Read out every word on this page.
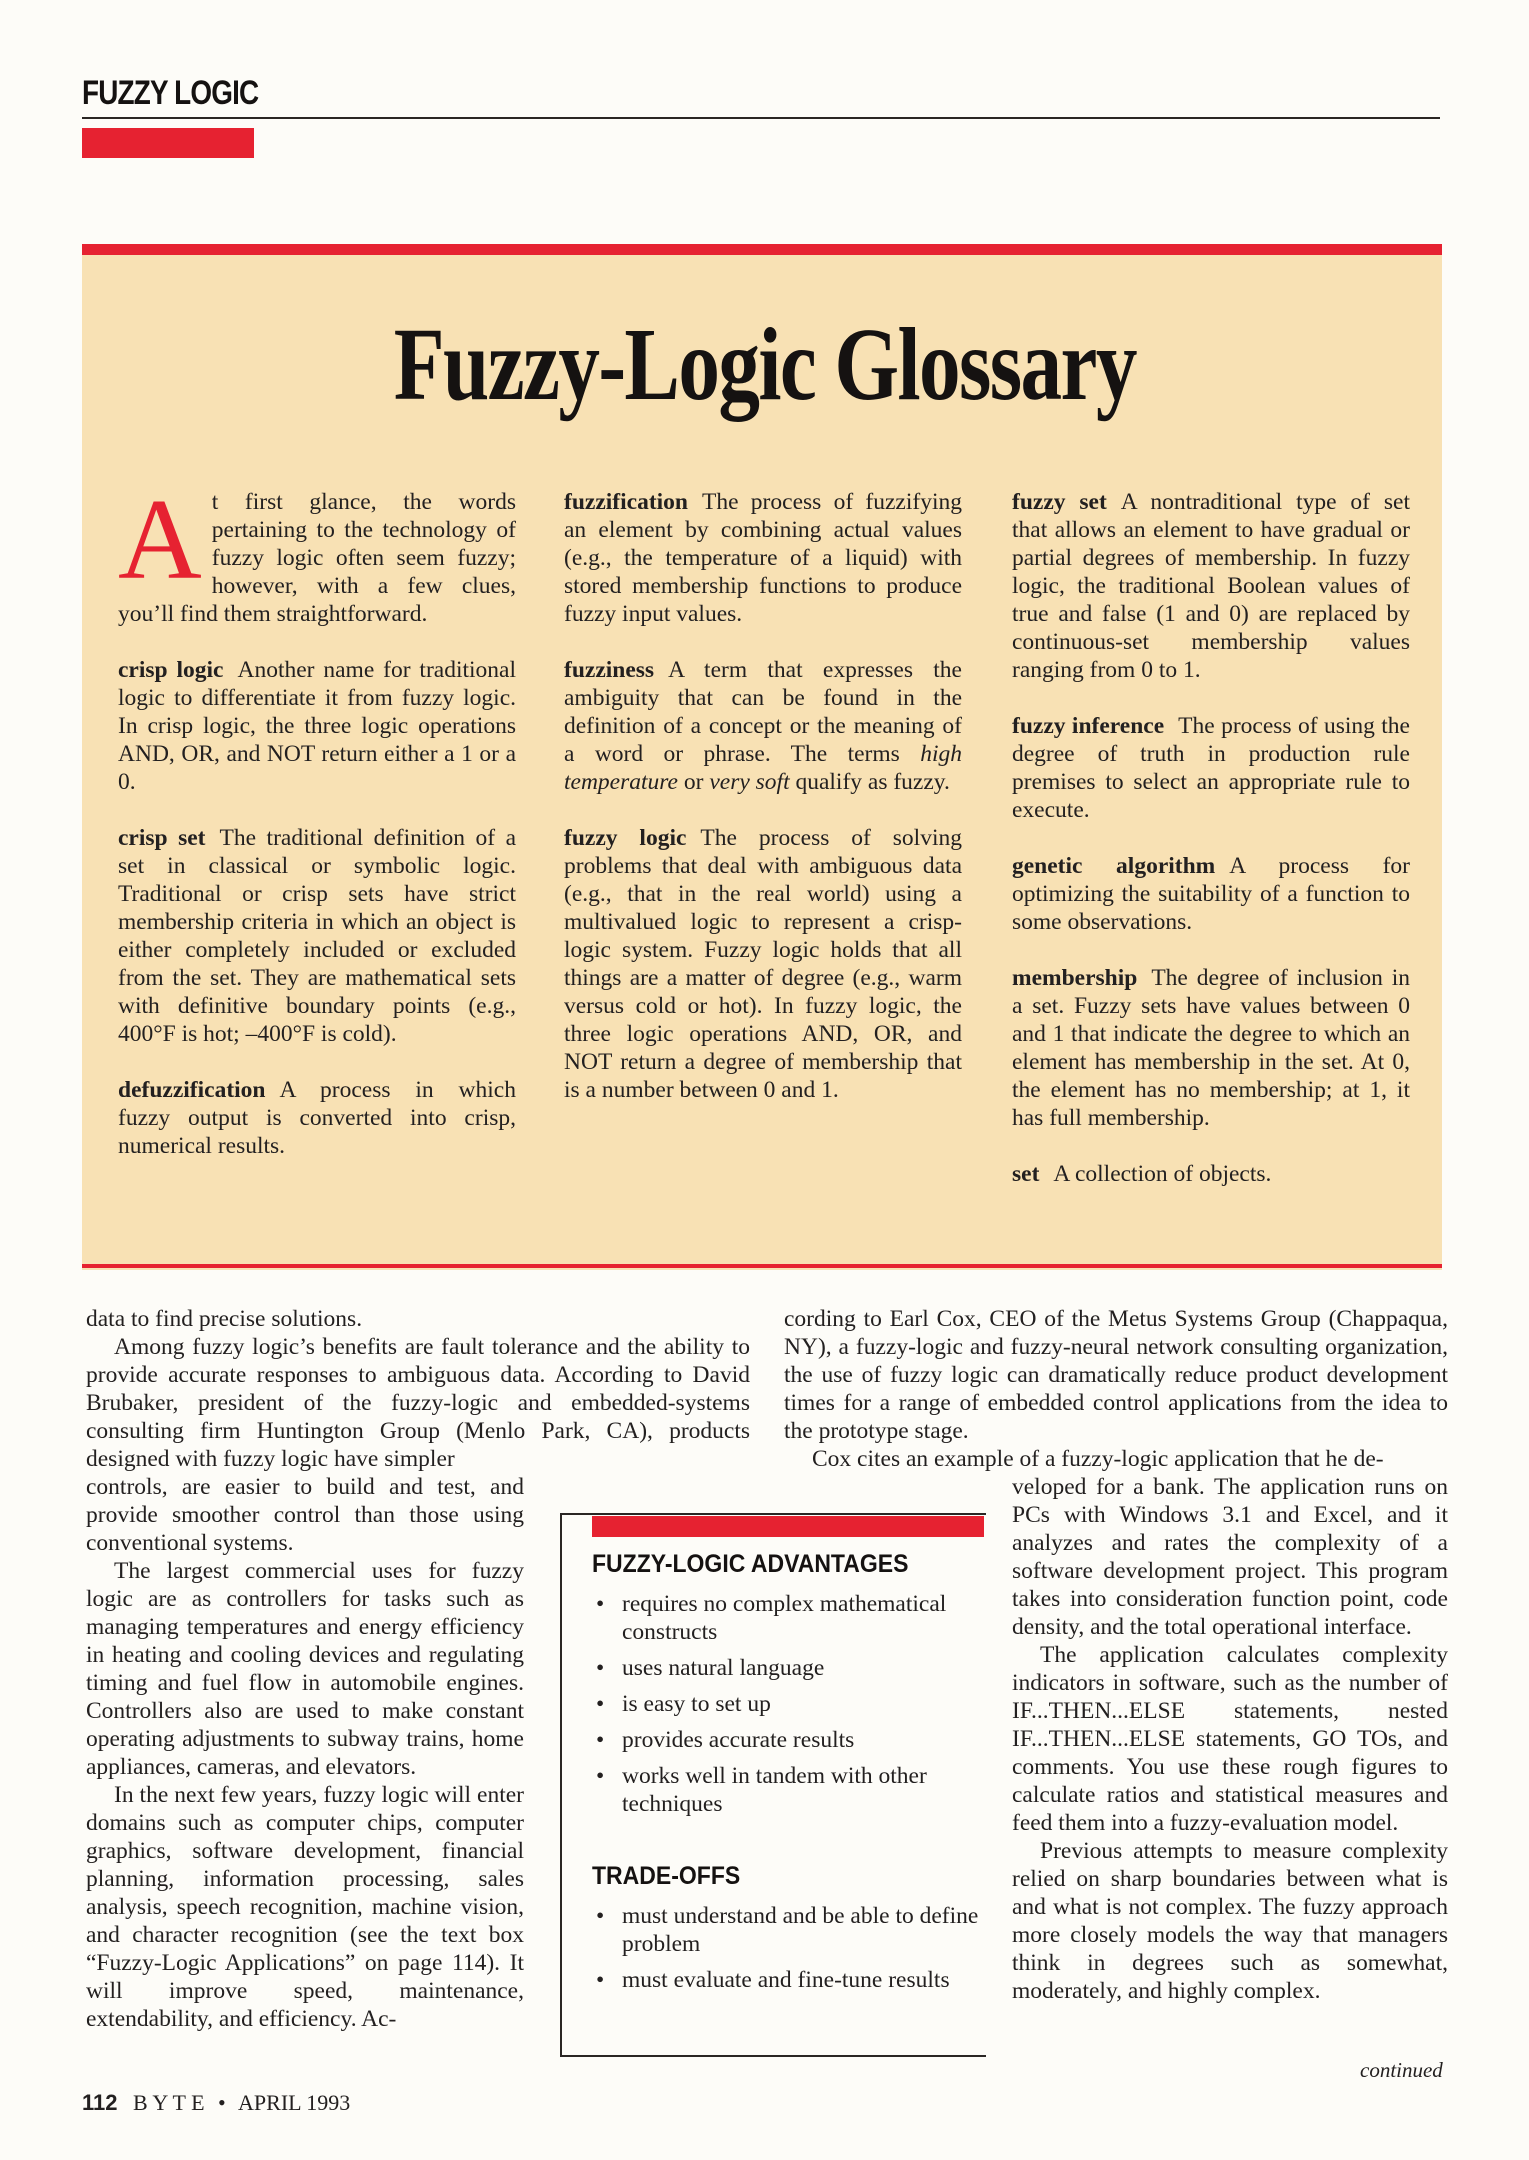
FUZZY LOGIC
Fuzzy-Logic Glossary

At first glance, the words pertaining to the technology of fuzzy logic often seem fuzzy; however, with a few clues, you’ll find them straightforward.

crisp logic Another name for traditional logic to differentiate it from fuzzy logic. In crisp logic, the three logic operations AND, OR, and NOT return either a 1 or a 0.

crisp set The traditional definition of a set in classical or symbolic logic. Traditional or crisp sets have strict membership criteria in which an object is either completely included or excluded from the set. They are mathematical sets with definitive boundary points (e.g., 400°F is hot; –400°F is cold).

defuzzification A process in which fuzzy output is converted into crisp, numerical results.

fuzzification The process of fuzzifying an element by combining actual values (e.g., the temperature of a liquid) with stored membership functions to produce fuzzy input values.

fuzziness A term that expresses the ambiguity that can be found in the definition of a concept or the meaning of a word or phrase. The terms high temperature or very soft qualify as fuzzy.

fuzzy logic The process of solving problems that deal with ambiguous data (e.g., that in the real world) using a multivalued logic to represent a crisp-logic system. Fuzzy logic holds that all things are a matter of degree (e.g., warm versus cold or hot). In fuzzy logic, the three logic operations AND, OR, and NOT return a degree of membership that is a number between 0 and 1.

fuzzy set A nontraditional type of set that allows an element to have gradual or partial degrees of membership. In fuzzy logic, the traditional Boolean values of true and false (1 and 0) are replaced by continuous-set membership values ranging from 0 to 1.

fuzzy inference The process of using the degree of truth in production rule premises to select an appropriate rule to execute.

genetic algorithm A process for optimizing the suitability of a function to some observations.

membership The degree of inclusion in a set. Fuzzy sets have values between 0 and 1 that indicate the degree to which an element has membership in the set. At 0, the element has no membership; at 1, it has full membership.

set A collection of objects.

data to find precise solutions.

Among fuzzy logic’s benefits are fault tolerance and the ability to provide accurate responses to ambiguous data. According to David Brubaker, president of the fuzzy-logic and embedded-systems consulting firm Huntington Group (Menlo Park, CA), products designed with fuzzy logic have simpler

controls, are easier to build and test, and provide smoother control than those using conventional systems.

The largest commercial uses for fuzzy logic are as controllers for tasks such as managing temperatures and energy efficiency in heating and cooling devices and regulating timing and fuel flow in automobile engines. Controllers also are used to make constant operating adjustments to subway trains, home appliances, cameras, and elevators.

In the next few years, fuzzy logic will enter domains such as computer chips, computer graphics, software development, financial planning, information processing, sales analysis, speech recognition, machine vision, and character recognition (see the text box “Fuzzy-Logic Applications” on page 114). It will improve speed, maintenance, extendability, and efficiency. Ac-

cording to Earl Cox, CEO of the Metus Systems Group (Chappaqua, NY), a fuzzy-logic and fuzzy-neural network consulting organization, the use of fuzzy logic can dramatically reduce product development times for a range of embedded control applications from the idea to the prototype stage.

Cox cites an example of a fuzzy-logic application that he de-

veloped for a bank. The application runs on PCs with Windows 3.1 and Excel, and it analyzes and rates the complexity of a software development project. This program takes into consideration function point, code density, and the total operational interface.

The application calculates complexity indicators in software, such as the number of IF...THEN...ELSE statements, nested IF...THEN...ELSE statements, GO TOs, and comments. You use these rough figures to calculate ratios and statistical measures and feed them into a fuzzy-evaluation model.

Previous attempts to measure complexity relied on sharp boundaries between what is and what is not complex. The fuzzy approach more closely models the way that managers think in degrees such as somewhat, moderately, and highly complex.

FUZZY-LOGIC ADVANTAGES
• requires no complex mathematical constructs
• uses natural language
• is easy to set up
• provides accurate results
• works well in tandem with other techniques
TRADE-OFFS
• must understand and be able to define problem
• must evaluate and fine-tune results
continued
112 B Y T E • APRIL 1993
